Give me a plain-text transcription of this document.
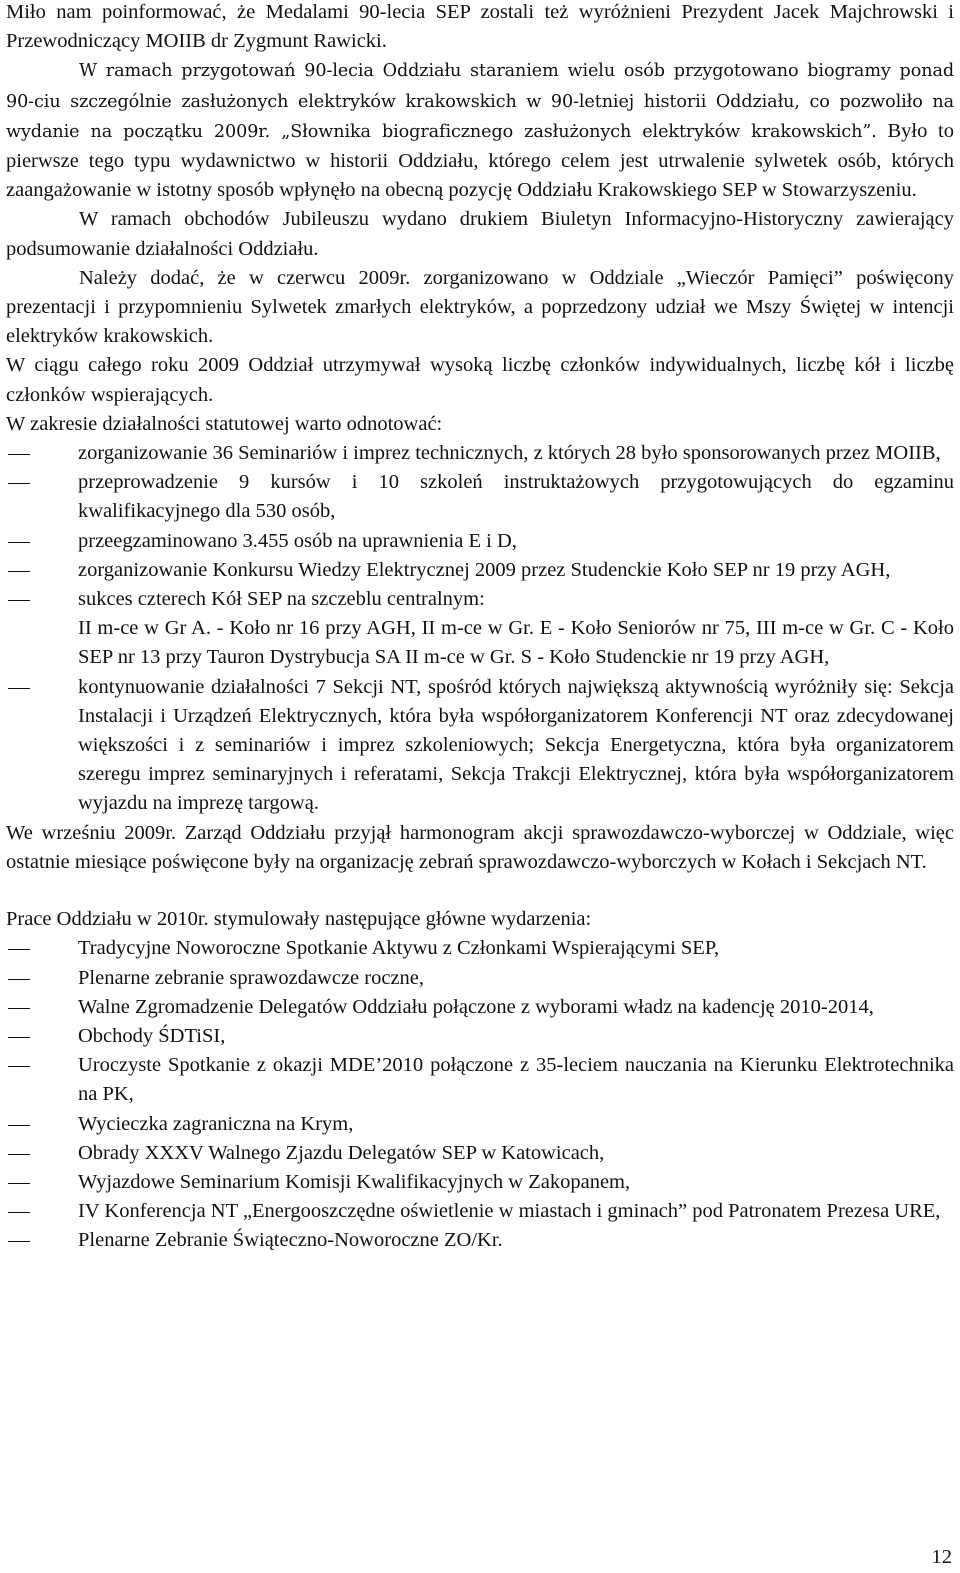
Miło nam poinformować, że Medalami 90-lecia SEP zostali też wyróżnieni Prezydent Jacek Majchrowski i Przewodniczący MOIIB dr Zygmunt Rawicki.

W ramach przygotowań 90-lecia Oddziału staraniem wielu osób przygotowano biogramy ponad 90-ciu szczególnie zasłużonych elektryków krakowskich w 90-letniej historii Oddziału, co pozwoliło na wydanie na początku 2009r. „Słownika biograficznego zasłużonych elektryków krakowskich”. Było to pierwsze tego typu wydawnictwo w historii Oddziału, którego celem jest utrwalenie sylwetek osób, których zaangażowanie w istotny sposób wpłynęło na obecną pozycję Oddziału Krakowskiego SEP w Stowarzyszeniu.

W ramach obchodów Jubileuszu wydano drukiem Biuletyn Informacyjno-Historyczny zawierający podsumowanie działalności Oddziału.

Należy dodać, że w czerwcu 2009r. zorganizowano w Oddziale „Wieczór Pamięci” poświęcony prezentacji i przypomnieniu Sylwetek zmarłych elektryków, a poprzedzony udział we Mszy Świętej w intencji elektryków krakowskich.

W ciągu całego roku 2009 Oddział utrzymywał wysoką liczbę członków indywidualnych, liczbę kół i liczbę członków wspierających.

W zakresie działalności statutowej warto odnotować:

zorganizowanie 36 Seminariów i imprez technicznych, z których 28 było sponsorowanych przez MOIIB,
przeprowadzenie 9 kursów i 10 szkoleń instruktażowych przygotowujących do egzaminu kwalifikacyjnego dla 530 osób,
przeegzaminowano 3.455 osób na uprawnienia E i D,
zorganizowanie Konkursu Wiedzy Elektrycznej 2009 przez Studenckie Koło SEP nr 19 przy AGH,
sukces czterech Kół SEP na szczeblu centralnym:
II m-ce w Gr A. - Koło nr 16 przy AGH, II m-ce w Gr. E - Koło Seniorów nr 75, III m-ce w Gr. C - Koło SEP nr 13 przy Tauron Dystrybucja SA II m-ce w Gr. S - Koło Studenckie nr 19 przy AGH,
kontynuowanie działalności 7 Sekcji NT, spośród których największą aktywnością wyróżniły się: Sekcja Instalacji i Urządzeń Elektrycznych, która była współorganizatorem Konferencji NT oraz zdecydowanej większości i z seminariów i imprez szkoleniowych; Sekcja Energetyczna, która była organizatorem szeregu imprez seminaryjnych i referatami, Sekcja Trakcji Elektrycznej, która była współorganizatorem wyjazdu na imprezę targową.

We wrześniu 2009r. Zarząd Oddziału przyjął harmonogram akcji sprawozdawczo-wyborczej w Oddziale, więc ostatnie miesiące poświęcone były na organizację zebrań sprawozdawczo-wyborczych w Kołach i Sekcjach NT.

Prace Oddziału w 2010r. stymulowały następujące główne wydarzenia:

Tradycyjne Noworoczne Spotkanie Aktywu z Członkami Wspierającymi SEP,
Plenarne zebranie sprawozdawcze roczne,
Walne Zgromadzenie Delegatów Oddziału połączone z wyborami władz na kadencję 2010-2014,
Obchody ŚDTiSI,
Uroczyste Spotkanie z okazji MDE’2010 połączone z 35-leciem nauczania na Kierunku Elektrotechnika na PK,
Wycieczka zagraniczna na Krym,
Obrady XXXV Walnego Zjazdu Delegatów SEP w Katowicach,
Wyjazdowe Seminarium Komisji Kwalifikacyjnych w Zakopanem,
IV Konferencja NT „Energooszczędne oświetlenie w miastach i gminach” pod Patronatem Prezesa URE,
Plenarne Zebranie Świąteczno-Noworoczne ZO/Kr.
12
